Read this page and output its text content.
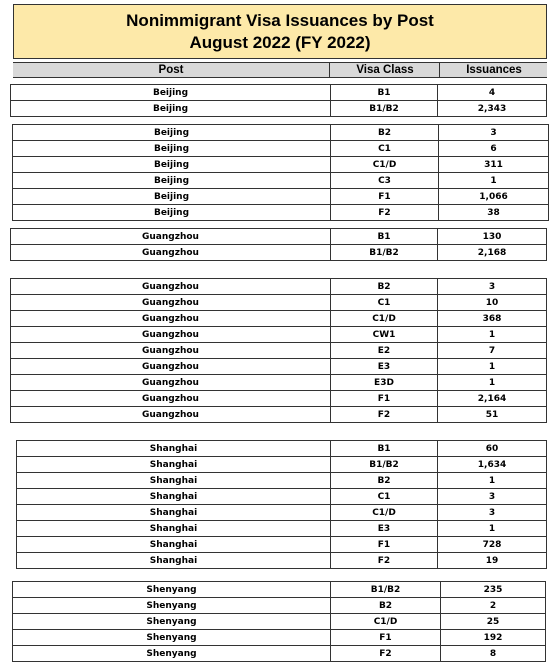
Nonimmigrant Visa Issuances by Post
August 2022 (FY 2022)
Post	Visa Class	Issuances
Beijing	B1	4
Beijing	B1/B2	2,343
Beijing	B2	3
Beijing	C1	6
Beijing	C1/D	311
Beijing	C3	1
Beijing	F1	1,066
Beijing	F2	38
Guangzhou	B1	130
Guangzhou	B1/B2	2,168
Guangzhou	B2	3
Guangzhou	C1	10
Guangzhou	C1/D	368
Guangzhou	CW1	1
Guangzhou	E2	7
Guangzhou	E3	1
Guangzhou	E3D	1
Guangzhou	F1	2,164
Guangzhou	F2	51
Shanghai	B1	60
Shanghai	B1/B2	1,634
Shanghai	B2	1
Shanghai	C1	3
Shanghai	C1/D	3
Shanghai	E3	1
Shanghai	F1	728
Shanghai	F2	19
Shenyang	B1/B2	235
Shenyang	B2	2
Shenyang	C1/D	25
Shenyang	F1	192
Shenyang	F2	8
